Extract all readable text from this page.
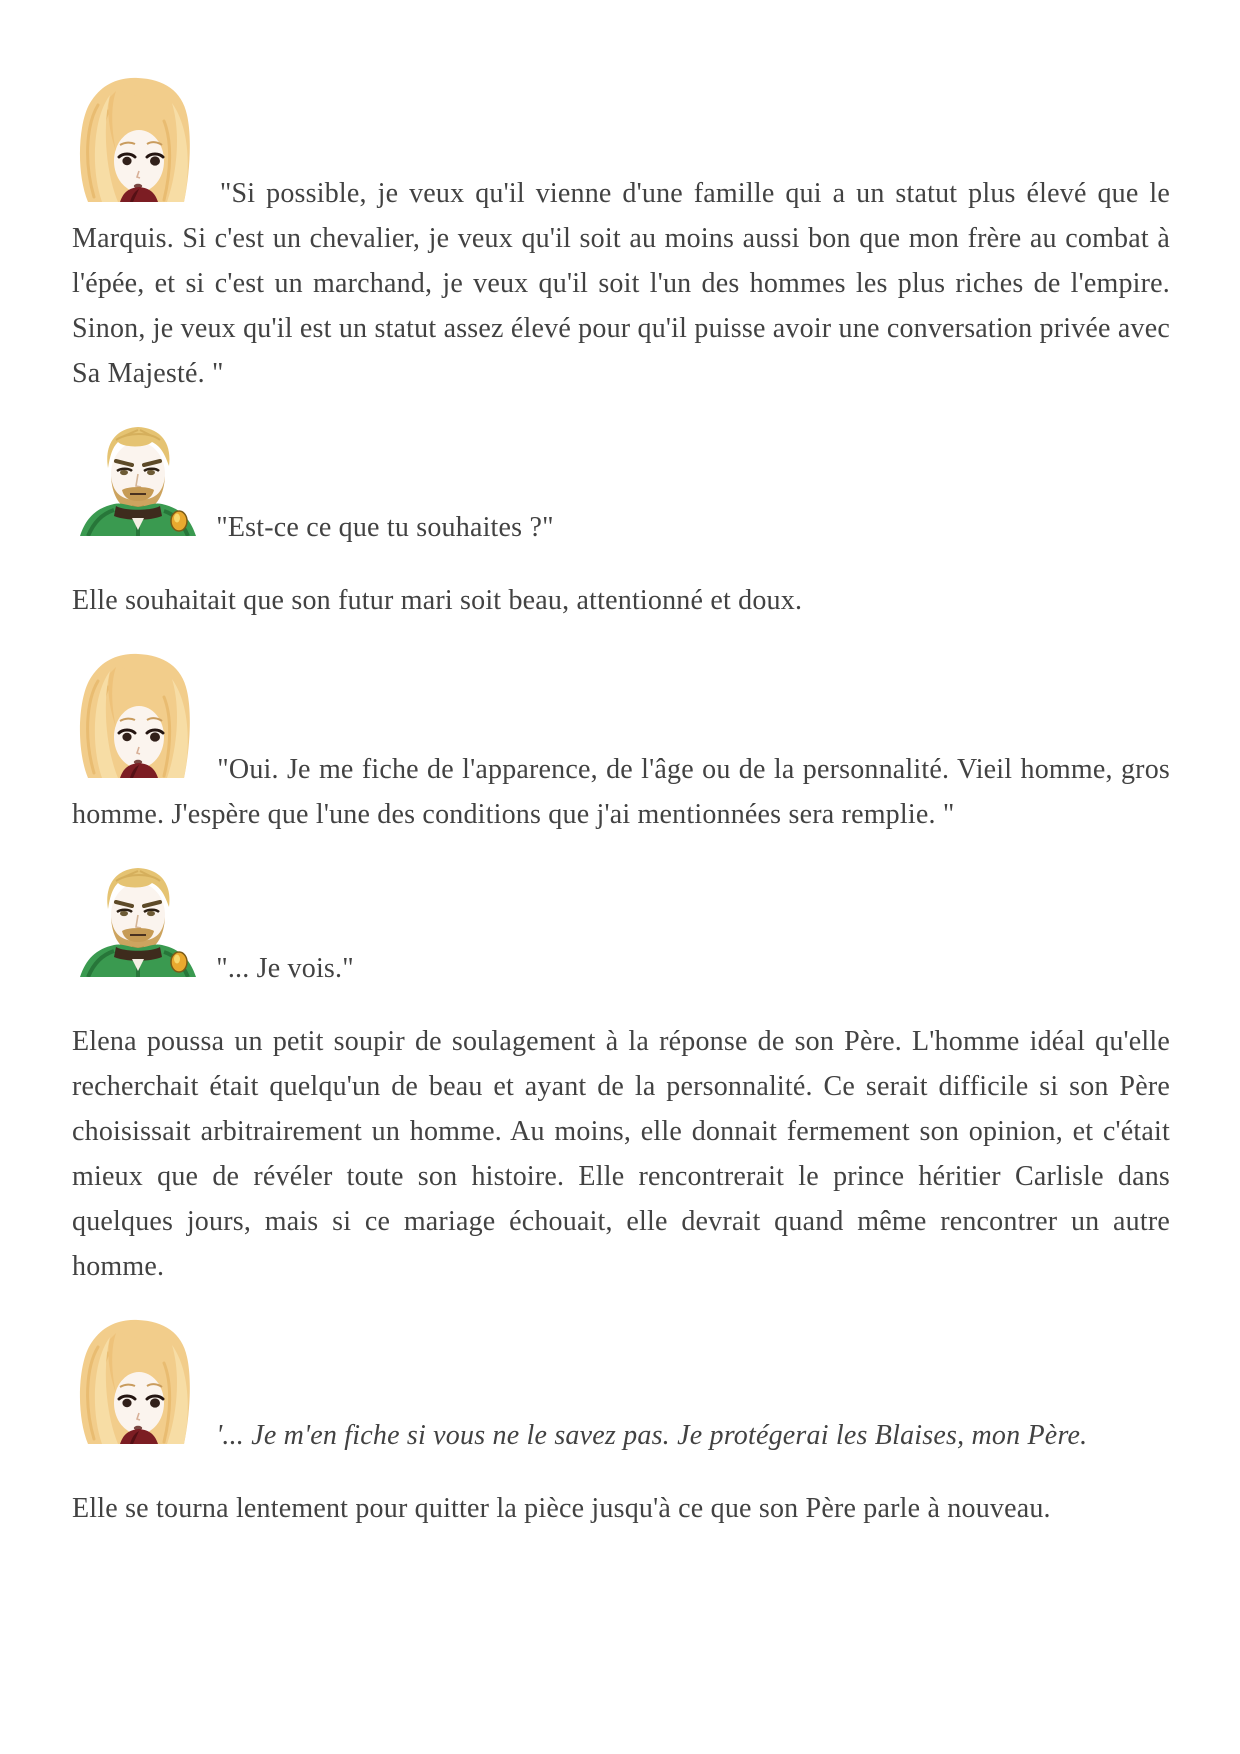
"Si possible, je veux qu'il vienne d'une famille qui a un statut plus élevé que le Marquis. Si c'est un chevalier, je veux qu'il soit au moins aussi bon que mon frère au combat à l'épée, et si c'est un marchand, je veux qu'il soit l'un des hommes les plus riches de l'empire. Sinon, je veux qu'il est un statut assez élevé pour qu'il puisse avoir une conversation privée avec Sa Majesté. "

"Est-ce ce que tu souhaites ?"

Elle souhaitait que son futur mari soit beau, attentionné et doux.

"Oui. Je me fiche de l'apparence, de l'âge ou de la personnalité. Vieil homme, gros homme. J'espère que l'une des conditions que j'ai mentionnées sera remplie. "

"... Je vois."

Elena poussa un petit soupir de soulagement à la réponse de son Père. L'homme idéal qu'elle recherchait était quelqu'un de beau et ayant de la personnalité. Ce serait difficile si son Père choisissait arbitrairement un homme. Au moins, elle donnait fermement son opinion, et c'était mieux que de révéler toute son histoire. Elle rencontrerait le prince héritier Carlisle dans quelques jours, mais si ce mariage échouait, elle devrait quand même rencontrer un autre homme.

'... Je m'en fiche si vous ne le savez pas. Je protégerai les Blaises, mon Père.

Elle se tourna lentement pour quitter la pièce jusqu'à ce que son Père parle à nouveau.
